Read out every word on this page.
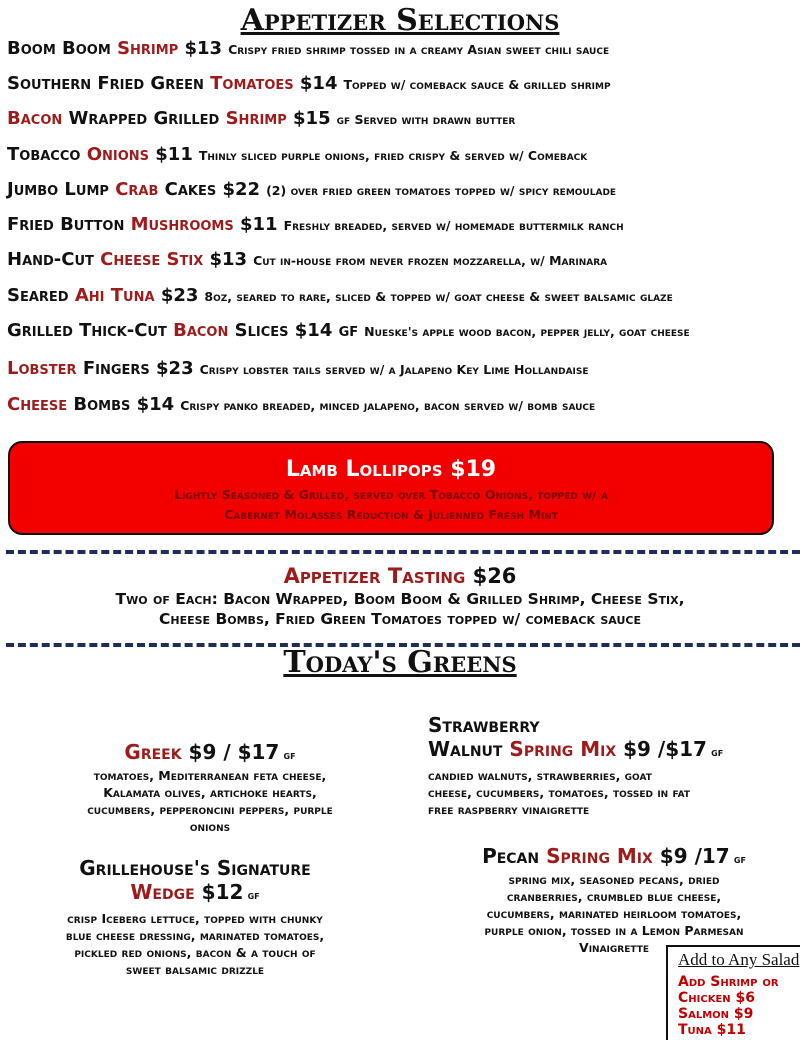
Appetizer Selections
Boom Boom Shrimp $13 Crispy fried shrimp tossed in a creamy Asian sweet chili sauce
Southern Fried Green Tomatoes $14 Topped w/ comeback sauce & grilled shrimp
Bacon Wrapped Grilled Shrimp $15 gf Served with drawn butter
Tobacco Onions $11 Thinly sliced purple onions, fried crispy & served w/ Comeback
Jumbo Lump Crab Cakes $22 (2) over fried green tomatoes topped w/ spicy remoulade
Fried Button Mushrooms $11 Freshly breaded, served w/ homemade buttermilk ranch
Hand-Cut Cheese Stix $13 Cut in-house from never frozen mozzarella, w/ Marinara
Seared Ahi Tuna $23 8oz, seared to rare, sliced & topped w/ goat cheese & sweet balsamic glaze
Grilled Thick-Cut Bacon Slices $14 gf Nueske's apple wood bacon, pepper jelly, goat cheese
Lobster Fingers $23 Crispy lobster tails served w/ a Jalapeno Key Lime Hollandaise
Cheese Bombs $14 Crispy panko breaded, minced jalapeno, bacon served w/ bomb sauce
Lamb Lollipops $19
Lightly Seasoned & Grilled, served over Tobacco Onions, topped w/ a
Cabernet Molasses Reduction & Julienned Fresh Mint
Appetizer Tasting $26
Two of Each: Bacon Wrapped, Boom Boom & Grilled Shrimp, Cheese Stix,
Cheese Bombs, Fried Green Tomatoes topped w/ comeback sauce
Today's Greens
Greek $9 / $17 gf
tomatoes, Mediterranean feta cheese,
Kalamata olives, artichoke hearts,
cucumbers, pepperoncini peppers, purple
onions
Strawberry
Walnut Spring Mix $9 /$17 gf
candied walnuts, strawberries, goat
cheese, cucumbers, tomatoes, tossed in fat
free raspberry vinaigrette
Grillehouse's Signature
Wedge $12 gf
crisp Iceberg lettuce, topped with chunky
blue cheese dressing, marinated tomatoes,
pickled red onions, bacon & a touch of
sweet balsamic drizzle
Pecan Spring Mix $9 /17 gf
spring mix, seasoned pecans, dried
cranberries, crumbled blue cheese,
cucumbers, marinated heirloom tomatoes,
purple onion, tossed in a Lemon Parmesan
Vinaigrette
Add to Any Salad
Add Shrimp or
Chicken $6
Salmon $9
Tuna $11
